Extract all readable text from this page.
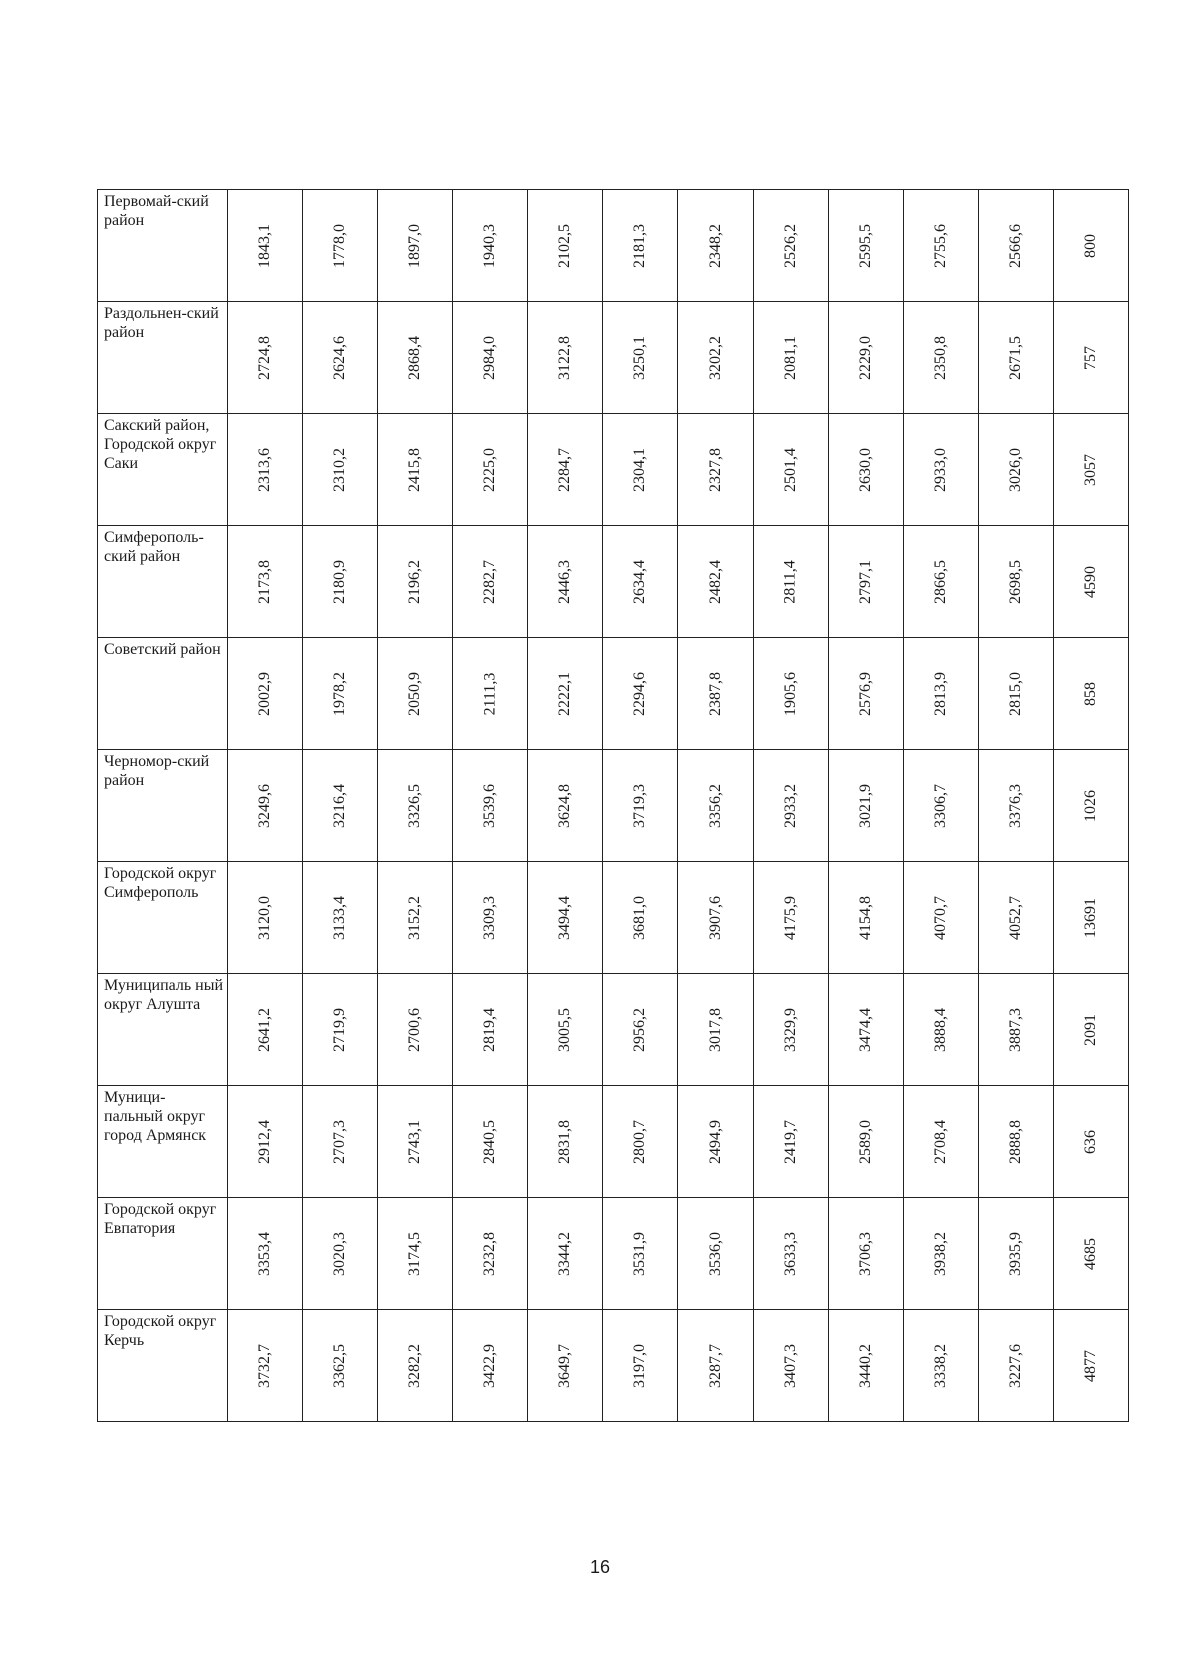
Первомай-ский район	1843,1	1778,0	1897,0	1940,3	2102,5	2181,3	2348,2	2526,2	2595,5	2755,6	2566,6	800
Раздольнен-ский район	2724,8	2624,6	2868,4	2984,0	3122,8	3250,1	3202,2	2081,1	2229,0	2350,8	2671,5	757
Сакский район, Городской округ Саки	2313,6	2310,2	2415,8	2225,0	2284,7	2304,1	2327,8	2501,4	2630,0	2933,0	3026,0	3057
Симферополь-ский район	2173,8	2180,9	2196,2	2282,7	2446,3	2634,4	2482,4	2811,4	2797,1	2866,5	2698,5	4590
Советский район	2002,9	1978,2	2050,9	2111,3	2222,1	2294,6	2387,8	1905,6	2576,9	2813,9	2815,0	858
Черномор-ский район	3249,6	3216,4	3326,5	3539,6	3624,8	3719,3	3356,2	2933,2	3021,9	3306,7	3376,3	1026
Городской округ Симферополь	3120,0	3133,4	3152,2	3309,3	3494,4	3681,0	3907,6	4175,9	4154,8	4070,7	4052,7	13691
Муниципаль ный округ Алушта	2641,2	2719,9	2700,6	2819,4	3005,5	2956,2	3017,8	3329,9	3474,4	3888,4	3887,3	2091
Муници-пальный округ город Армянск	2912,4	2707,3	2743,1	2840,5	2831,8	2800,7	2494,9	2419,7	2589,0	2708,4	2888,8	636
Городской округ Евпатория	3353,4	3020,3	3174,5	3232,8	3344,2	3531,9	3536,0	3633,3	3706,3	3938,2	3935,9	4685
Городской округ Керчь	3732,7	3362,5	3282,2	3422,9	3649,7	3197,0	3287,7	3407,3	3440,2	3338,2	3227,6	4877
16
